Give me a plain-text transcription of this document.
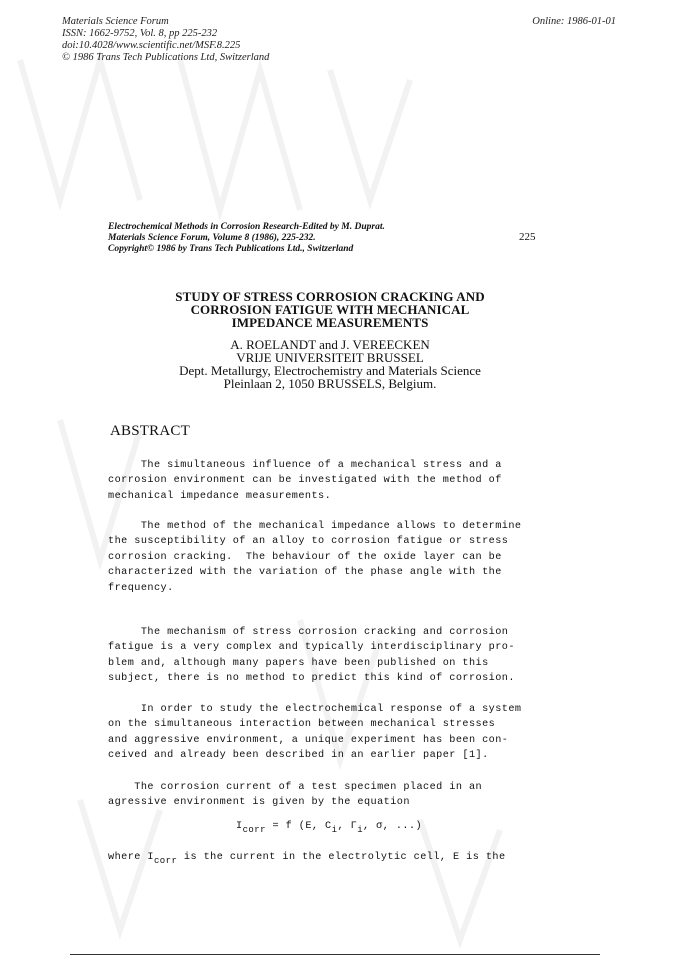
Materials Science Forum
ISSN: 1662-9752, Vol. 8, pp 225-232
doi:10.4028/www.scientific.net/MSF.8.225
© 1986 Trans Tech Publications Ltd, Switzerland
Online: 1986-01-01
Electrochemical Methods in Corrosion Research-Edited by M. Duprat.
Materials Science Forum, Volume 8 (1986), 225-232.
Copyright© 1986 by Trans Tech Publications Ltd., Switzerland
225
STUDY OF STRESS CORROSION CRACKING AND
CORROSION FATIGUE WITH MECHANICAL
IMPEDANCE MEASUREMENTS
A. ROELANDT and J. VEREECKEN
VRIJE UNIVERSITEIT BRUSSEL
Dept. Metallurgy, Electrochemistry and Materials Science
Pleinlaan 2, 1050 BRUSSELS, Belgium.
ABSTRACT
The simultaneous influence of a mechanical stress and a
corrosion environment can be investigated with the method of
mechanical impedance measurements.
The method of the mechanical impedance allows to determine
the susceptibility of an alloy to corrosion fatigue or stress
corrosion cracking.  The behaviour of the oxide layer can be
characterized with the variation of the phase angle with the
frequency.
The mechanism of stress corrosion cracking and corrosion
fatigue is a very complex and typically interdisciplinary pro-
blem and, although many papers have been published on this
subject, there is no method to predict this kind of corrosion.
In order to study the electrochemical response of a system
on the simultaneous interaction between mechanical stresses
and aggressive environment, a unique experiment has been con-
ceived and already been described in an earlier paper [1].
The corrosion current of a test specimen placed in an
agressive environment is given by the equation
Icorr = f (E, Ci, Γi, σ, ...)
where Icorr is the current in the electrolytic cell, E is the
